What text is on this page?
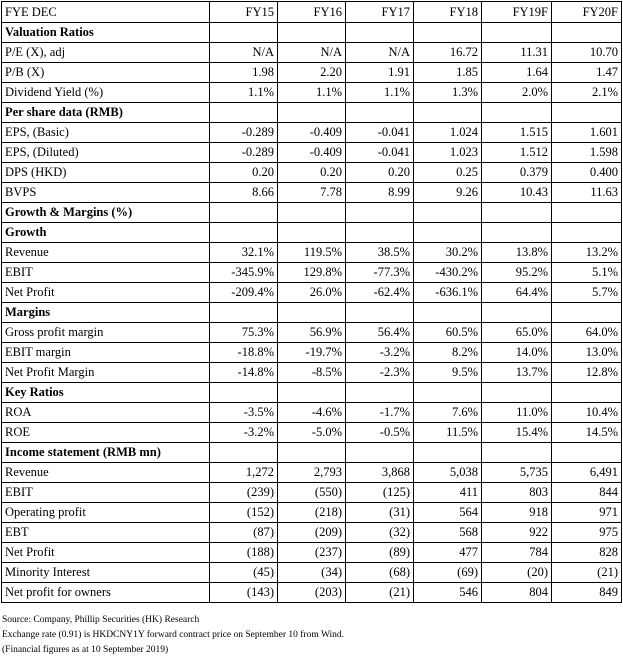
FYE DEC	FY15	FY16	FY17	FY18	FY19F	FY20F
Valuation Ratios						
P/E (X), adj	N/A	N/A	N/A	16.72	11.31	10.70
P/B (X)	1.98	2.20	1.91	1.85	1.64	1.47
Dividend Yield (%)	1.1%	1.1%	1.1%	1.3%	2.0%	2.1%
Per share data (RMB)						
EPS, (Basic)	-0.289	-0.409	-0.041	1.024	1.515	1.601
EPS, (Diluted)	-0.289	-0.409	-0.041	1.023	1.512	1.598
DPS (HKD)	0.20	0.20	0.20	0.25	0.379	0.400
BVPS	8.66	7.78	8.99	9.26	10.43	11.63
Growth & Margins (%)						
Growth						
Revenue	32.1%	119.5%	38.5%	30.2%	13.8%	13.2%
EBIT	-345.9%	129.8%	-77.3%	-430.2%	95.2%	5.1%
Net Profit	-209.4%	26.0%	-62.4%	-636.1%	64.4%	5.7%
Margins						
Gross profit margin	75.3%	56.9%	56.4%	60.5%	65.0%	64.0%
EBIT margin	-18.8%	-19.7%	-3.2%	8.2%	14.0%	13.0%
Net Profit Margin	-14.8%	-8.5%	-2.3%	9.5%	13.7%	12.8%
Key Ratios						
ROA	-3.5%	-4.6%	-1.7%	7.6%	11.0%	10.4%
ROE	-3.2%	-5.0%	-0.5%	11.5%	15.4%	14.5%
Income statement (RMB mn)						
Revenue	1,272	2,793	3,868	5,038	5,735	6,491
EBIT	(239)	(550)	(125)	411	803	844
Operating profit	(152)	(218)	(31)	564	918	971
EBT	(87)	(209)	(32)	568	922	975
Net Profit	(188)	(237)	(89)	477	784	828
Minority Interest	(45)	(34)	(68)	(69)	(20)	(21)
Net profit for owners	(143)	(203)	(21)	546	804	849
Source: Company, Phillip Securities (HK) Research
Exchange rate (0.91) is HKDCNY1Y forward contract price on September 10 from Wind.
(Financial figures as at 10 September 2019)
